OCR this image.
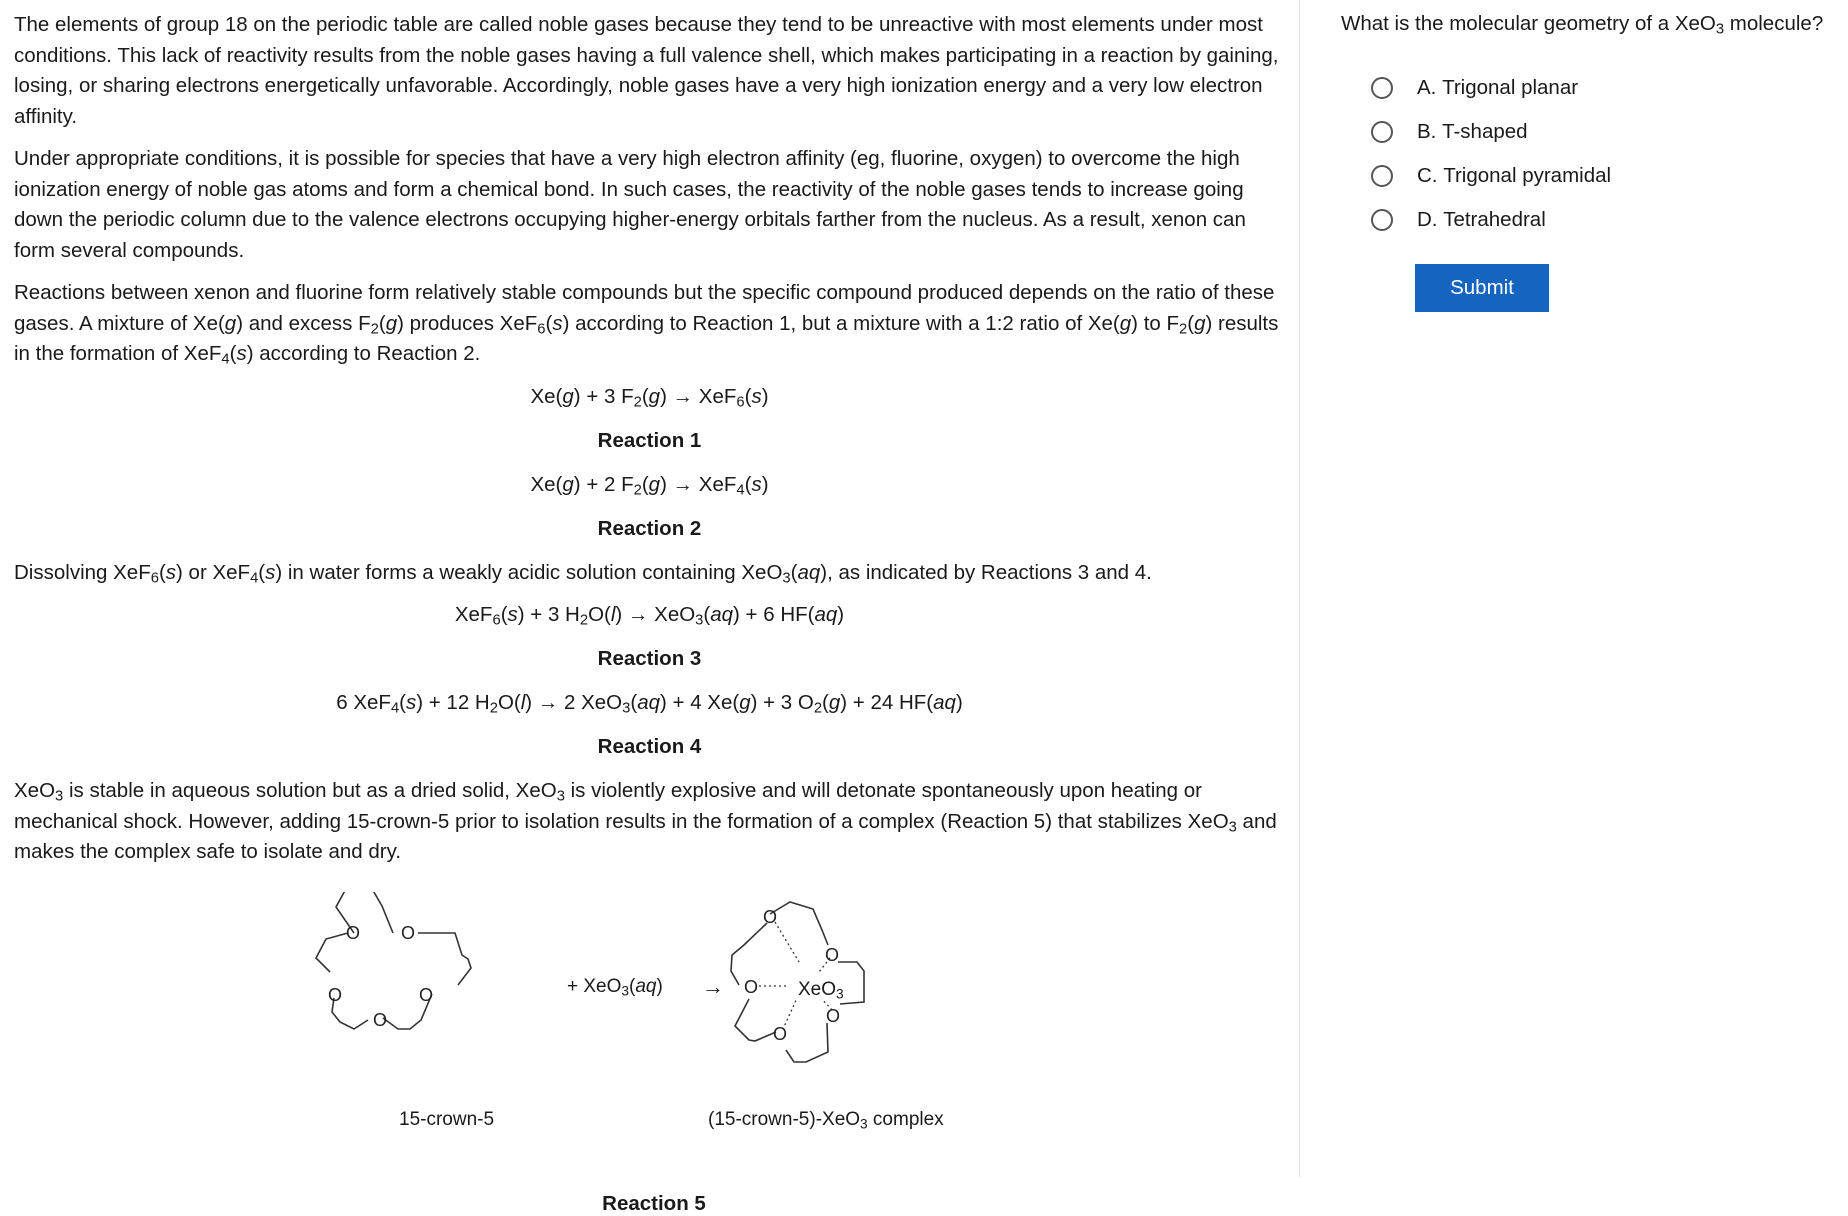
The elements of group 18 on the periodic table are called noble gases because they tend to be unreactive with most elements under most conditions. This lack of reactivity results from the noble gases having a full valence shell, which makes participating in a reaction by gaining, losing, or sharing electrons energetically unfavorable. Accordingly, noble gases have a very high ionization energy and a very low electron affinity.

Under appropriate conditions, it is possible for species that have a very high electron affinity (eg, fluorine, oxygen) to overcome the high ionization energy of noble gas atoms and form a chemical bond. In such cases, the reactivity of the noble gases tends to increase going down the periodic column due to the valence electrons occupying higher-energy orbitals farther from the nucleus. As a result, xenon can form several compounds.

Reactions between xenon and fluorine form relatively stable compounds but the specific compound produced depends on the ratio of these gases. A mixture of Xe(g) and excess $F_2(g)$ produces XeF$_6$(s) according to Reaction 1, but a mixture with a 1:2 ratio of Xe(g) to $F_2(g)$ results in the formation of XeF$_4$(s) according to Reaction 2.

Xe(g) + 3 $F_2(g) \to XeF_6(s)$
Reaction 1
Xe(g) + 2 $F_2(g) \to XeF_4(s)$
Reaction 2

Dissolving XeF$_6$(s) or XeF$_4$(s) in water forms a weakly acidic solution containing XeO$_3$(aq), as indicated by Reactions 3 and 4.

XeF$_6$(s) + 3 $H_2O(l) \to XeO_3(aq) + 6$ HF(aq)
Reaction 3
6 XeF$_4$(s) + 12 $H_2O(l) \to 2$ XeO$_3$(aq) + 4 Xe(g) + 3 $O_2(g) + 24$ HF(aq)
Reaction 4

XeO$_3$ is stable in aqueous solution but as a dried solid, XeO$_3$ is violently explosive and will detonate spontaneously upon heating or mechanical shock. However, adding 15-crown-5 prior to isolation results in the formation of a complex (Reaction 5) that stabilizes XeO$_3$ and makes the complex safe to isolate and dry.

O O
O	O
O
O
O
O
O
O
+ XeO$_3$(aq) →	XeO$_3$
15-crown-5	(15-crown-5)-XeO$_3$ complex
Reaction 5
What is the molecular geometry of a XeO$_3$ molecule?
A.
Trigonal planar
B.
T-shaped
C.
Trigonal pyramidal
D.
Tetrahedral
Submit
